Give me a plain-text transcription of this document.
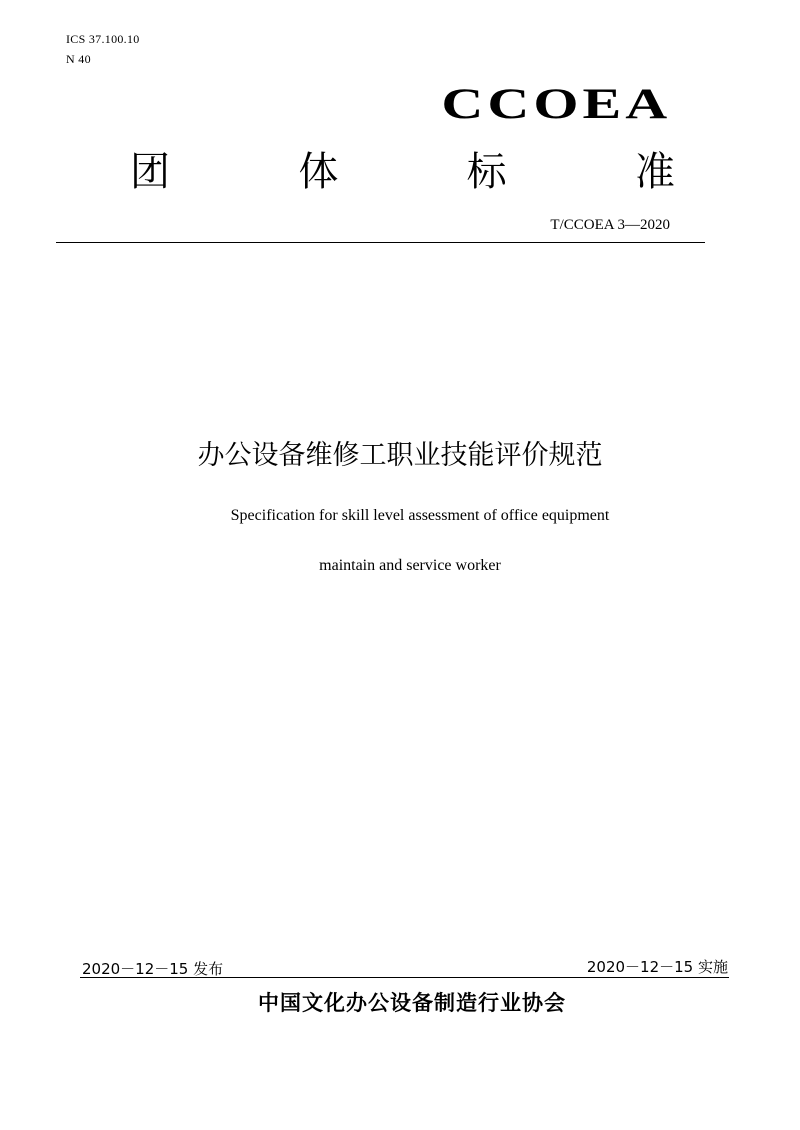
ICS 37.100.10
N 40
CCOEA
团	体	标	准
T/CCOEA 3—2020
办公设备维修工职业技能评价规范
Specification for skill level assessment of office equipment
maintain and service worker
2020－12－15 发布	2020－12－15 实施
中国文化办公设备制造行业协会
